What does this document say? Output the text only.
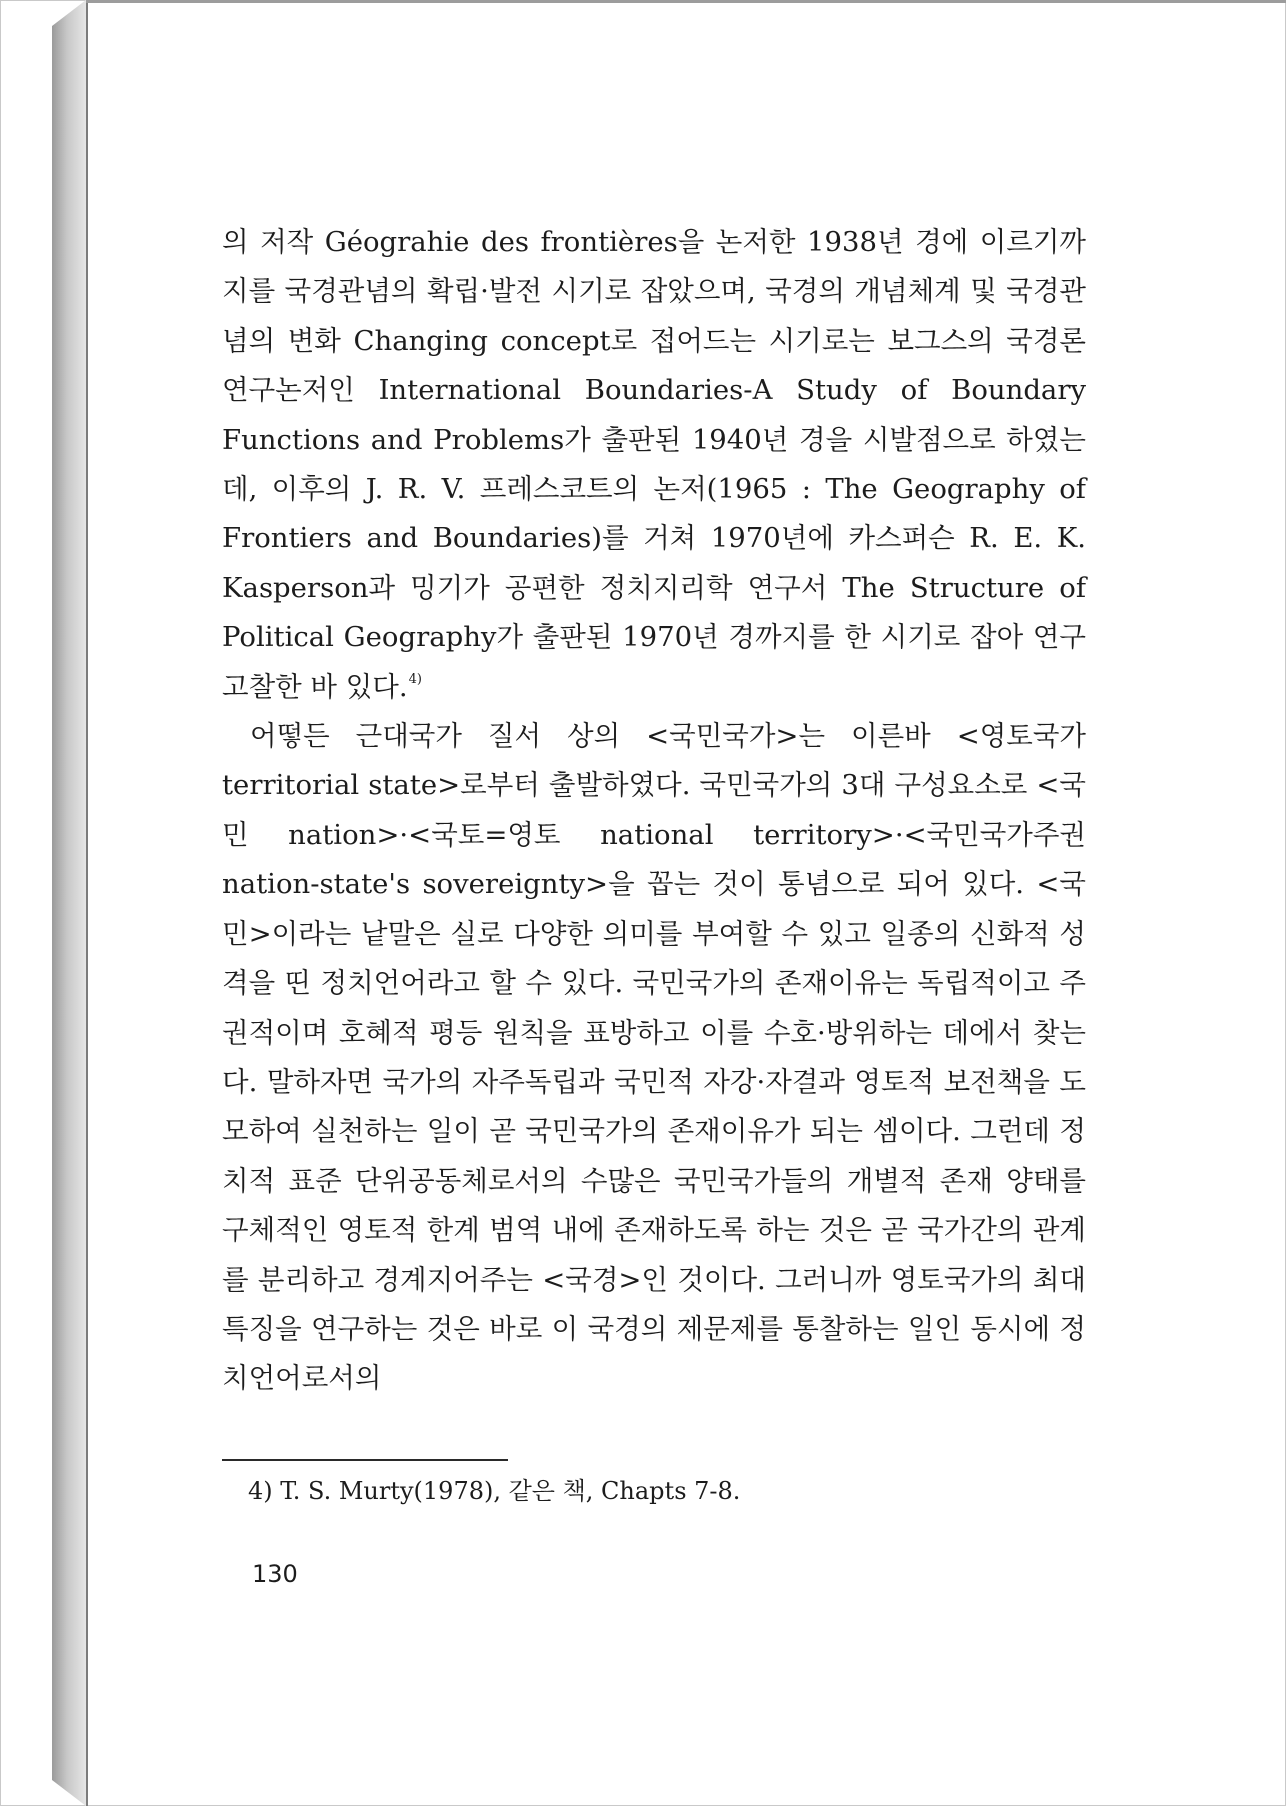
의 저작 Géograhie des frontières을 논저한 1938년 경에 이르기까지를 국경관념의 확립·발전 시기로 잡았으며, 국경의 개념체계 및 국경관념의 변화 Changing concept로 접어드는 시기로는 보그스의 국경론 연구논저인 International Boundaries-A Study of Boundary Functions and Problems가 출판된 1940년 경을 시발점으로 하였는데, 이후의 J. R. V. 프레스코트의 논저(1965 : The Geography of Frontiers and Boundaries)를 거쳐 1970년에 카스퍼슨 R. E. K. Kasperson과 밍기가 공편한 정치지리학 연구서 The Structure of Political Geography가 출판된 1970년 경까지를 한 시기로 잡아 연구 고찰한 바 있다.$^{4)}$

어떻든 근대국가 질서 상의 <국민국가>는 이른바 <영토국가 territorial state>로부터 출발하였다. 국민국가의 3대 구성요소로 <국민 nation>·<국토=영토 national territory>·<국민국가주권 nation-state's sovereignty>을 꼽는 것이 통념으로 되어 있다. <국민>이라는 낱말은 실로 다양한 의미를 부여할 수 있고 일종의 신화적 성격을 띤 정치언어라고 할 수 있다. 국민국가의 존재이유는 독립적이고 주권적이며 호혜적 평등 원칙을 표방하고 이를 수호·방위하는 데에서 찾는다. 말하자면 국가의 자주독립과 국민적 자강·자결과 영토적 보전책을 도모하여 실천하는 일이 곧 국민국가의 존재이유가 되는 셈이다. 그런데 정치적 표준 단위공동체로서의 수많은 국민국가들의 개별적 존재 양태를 구체적인 영토적 한계 범역 내에 존재하도록 하는 것은 곧 국가간의 관계를 분리하고 경계지어주는 <국경>인 것이다. 그러니까 영토국가의 최대 특징을 연구하는 것은 바로 이 국경의 제문제를 통찰하는 일인 동시에 정치언어로서의

4) T. S. Murty(1978), 같은 책, Chapts 7-8.
130
